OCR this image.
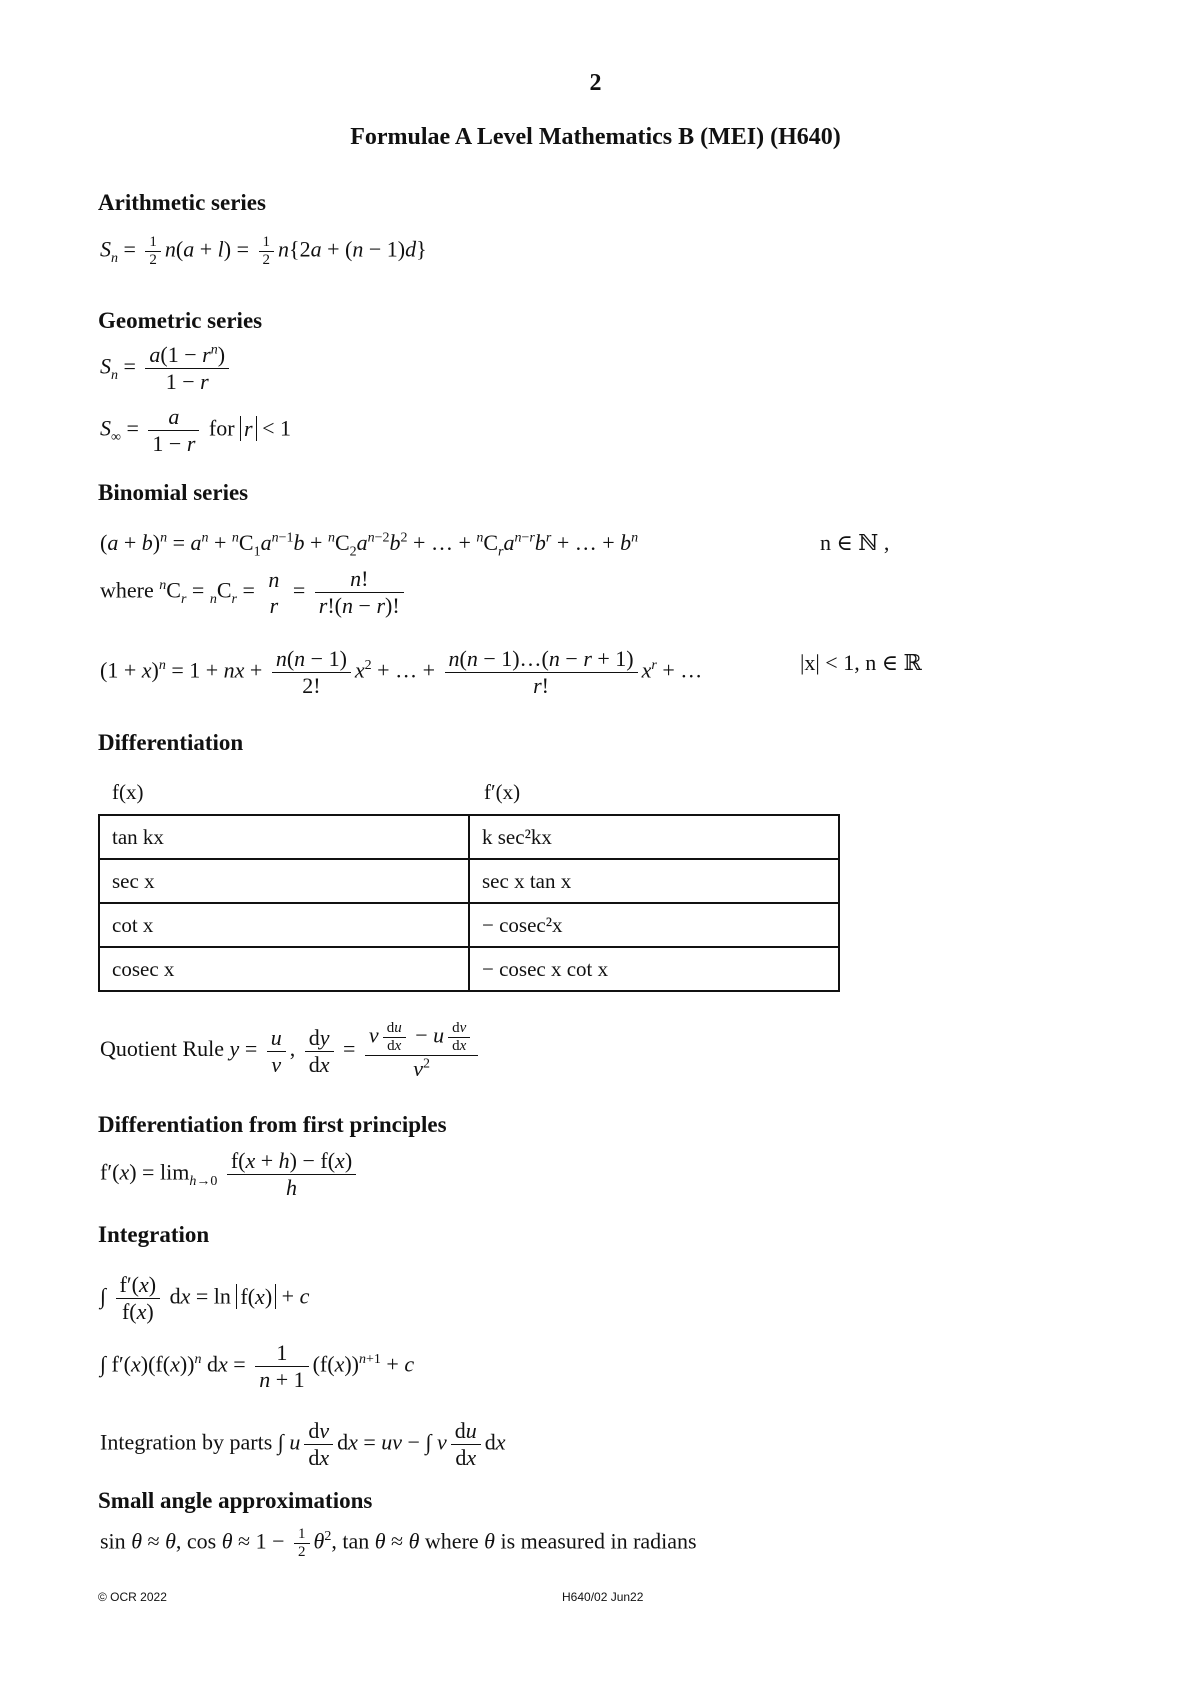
2
Formulae A Level Mathematics B (MEI) (H640)
Arithmetic series
$S_n = \frac{1}{2} n(a + l) = \frac{1}{2} n\{2a + (n - 1)d\}$
Geometric series
$S_n = \frac{a(1 - r^n)}{1 - r}$
$S_\infty = \frac{a}{1 - r}$ for r < 1
Binomial series
$(a + b)^n = a^n + ^nC_1a^{n-1}b + ^nC_2a^{n-2}b^2$ + … + $^nC_ra^{n-r}b^r$ + … + $b^n$	n ∈ ℕ ,
where $^nC_r = _nC_r = n$
r
= $\frac{n!}{r!(n - r)!}$
$(1 + x)^n = 1$ + nx + $\frac{n(n - 1)}{2!} x^2$ + … + $\frac{n(n - 1)\dots(n - r + 1)}{r!} x^r$ + …	|x| < 1, n ∈ ℝ
Differentiation
f(x)	f′(x)
tan kx	k sec²kx
sec x	sec x tan x
cot x	− cosec²x
cosec x	− cosec x cot x
Quotient Rule $y = \frac{u}{v}$ , $\frac{dy}{dx} = \frac{v \frac{du}{dx} - u \frac{dv}{dx}}{v^2}$
Differentiation from first principles
$f'(x) = \lim_{h\to 0} \frac{f(x + h) - f(x)}{h}$
Integration
∫ $\frac{f'(x)}{f(x)}$ dx = ln f(x) + c
∫ $f'(x)(f(x))^n$ dx = $\frac{1}{n + 1} (f(x))^{n+1} + c$
Integration by parts ∫ u $\frac{dv}{dx}$ dx = uv − ∫ v $\frac{du}{dx}$ dx
Small angle approximations
sin θ ≈ θ, $\cos \theta \approx 1 - \frac{1}{2} \theta^2$, tan θ ≈ θ where θ is measured in radians
© OCR 2022	H640/02 Jun22
